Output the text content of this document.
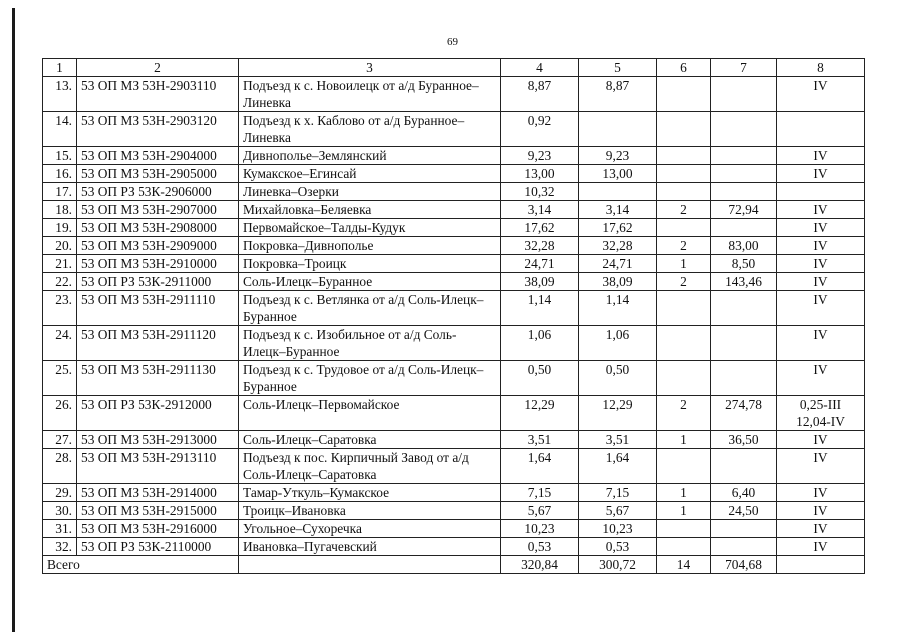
69
1	2	3	4	5	6	7	8
13.	53 ОП МЗ 53Н-2903110	Подъезд к с. Новоилецк от а/д Буранное–Линевка	8,87	8,87			IV
14.	53 ОП МЗ 53Н-2903120	Подъезд к х. Каблово от а/д Буранное–Линевка	0,92				
15.	53 ОП МЗ 53Н-2904000	Дивнополье–Землянский	9,23	9,23			IV
16.	53 ОП МЗ 53Н-2905000	Кумакское–Егинсай	13,00	13,00			IV
17.	53 ОП РЗ 53К-2906000	Линевка–Озерки	10,32				
18.	53 ОП МЗ 53Н-2907000	Михайловка–Беляевка	3,14	3,14	2	72,94	IV
19.	53 ОП МЗ 53Н-2908000	Первомайское–Талды-Кудук	17,62	17,62			IV
20.	53 ОП МЗ 53Н-2909000	Покровка–Дивнополье	32,28	32,28	2	83,00	IV
21.	53 ОП МЗ 53Н-2910000	Покровка–Троицк	24,71	24,71	1	8,50	IV
22.	53 ОП РЗ 53К-2911000	Соль-Илецк–Буранное	38,09	38,09	2	143,46	IV
23.	53 ОП МЗ 53Н-2911110	Подъезд к с. Ветлянка от а/д Соль-Илецк–Буранное	1,14	1,14			IV
24.	53 ОП МЗ 53Н-2911120	Подъезд к с. Изобильное от а/д Соль-Илецк–Буранное	1,06	1,06			IV
25.	53 ОП МЗ 53Н-2911130	Подъезд к с. Трудовое от а/д Соль-Илецк–Буранное	0,50	0,50			IV
26.	53 ОП РЗ 53К-2912000	Соль-Илецк–Первомайское	12,29	12,29	2	274,78	0,25-III 12,04-IV
27.	53 ОП МЗ 53Н-2913000	Соль-Илецк–Саратовка	3,51	3,51	1	36,50	IV
28.	53 ОП МЗ 53Н-2913110	Подъезд к пос. Кирпичный Завод от а/д Соль-Илецк–Саратовка	1,64	1,64			IV
29.	53 ОП МЗ 53Н-2914000	Тамар-Уткуль–Кумакское	7,15	7,15	1	6,40	IV
30.	53 ОП МЗ 53Н-2915000	Троицк–Ивановка	5,67	5,67	1	24,50	IV
31.	53 ОП МЗ 53Н-2916000	Угольное–Сухоречка	10,23	10,23			IV
32.	53 ОП РЗ 53К-2110000	Ивановка–Пугачевский	0,53	0,53			IV
Всего			320,84	300,72	14	704,68	
